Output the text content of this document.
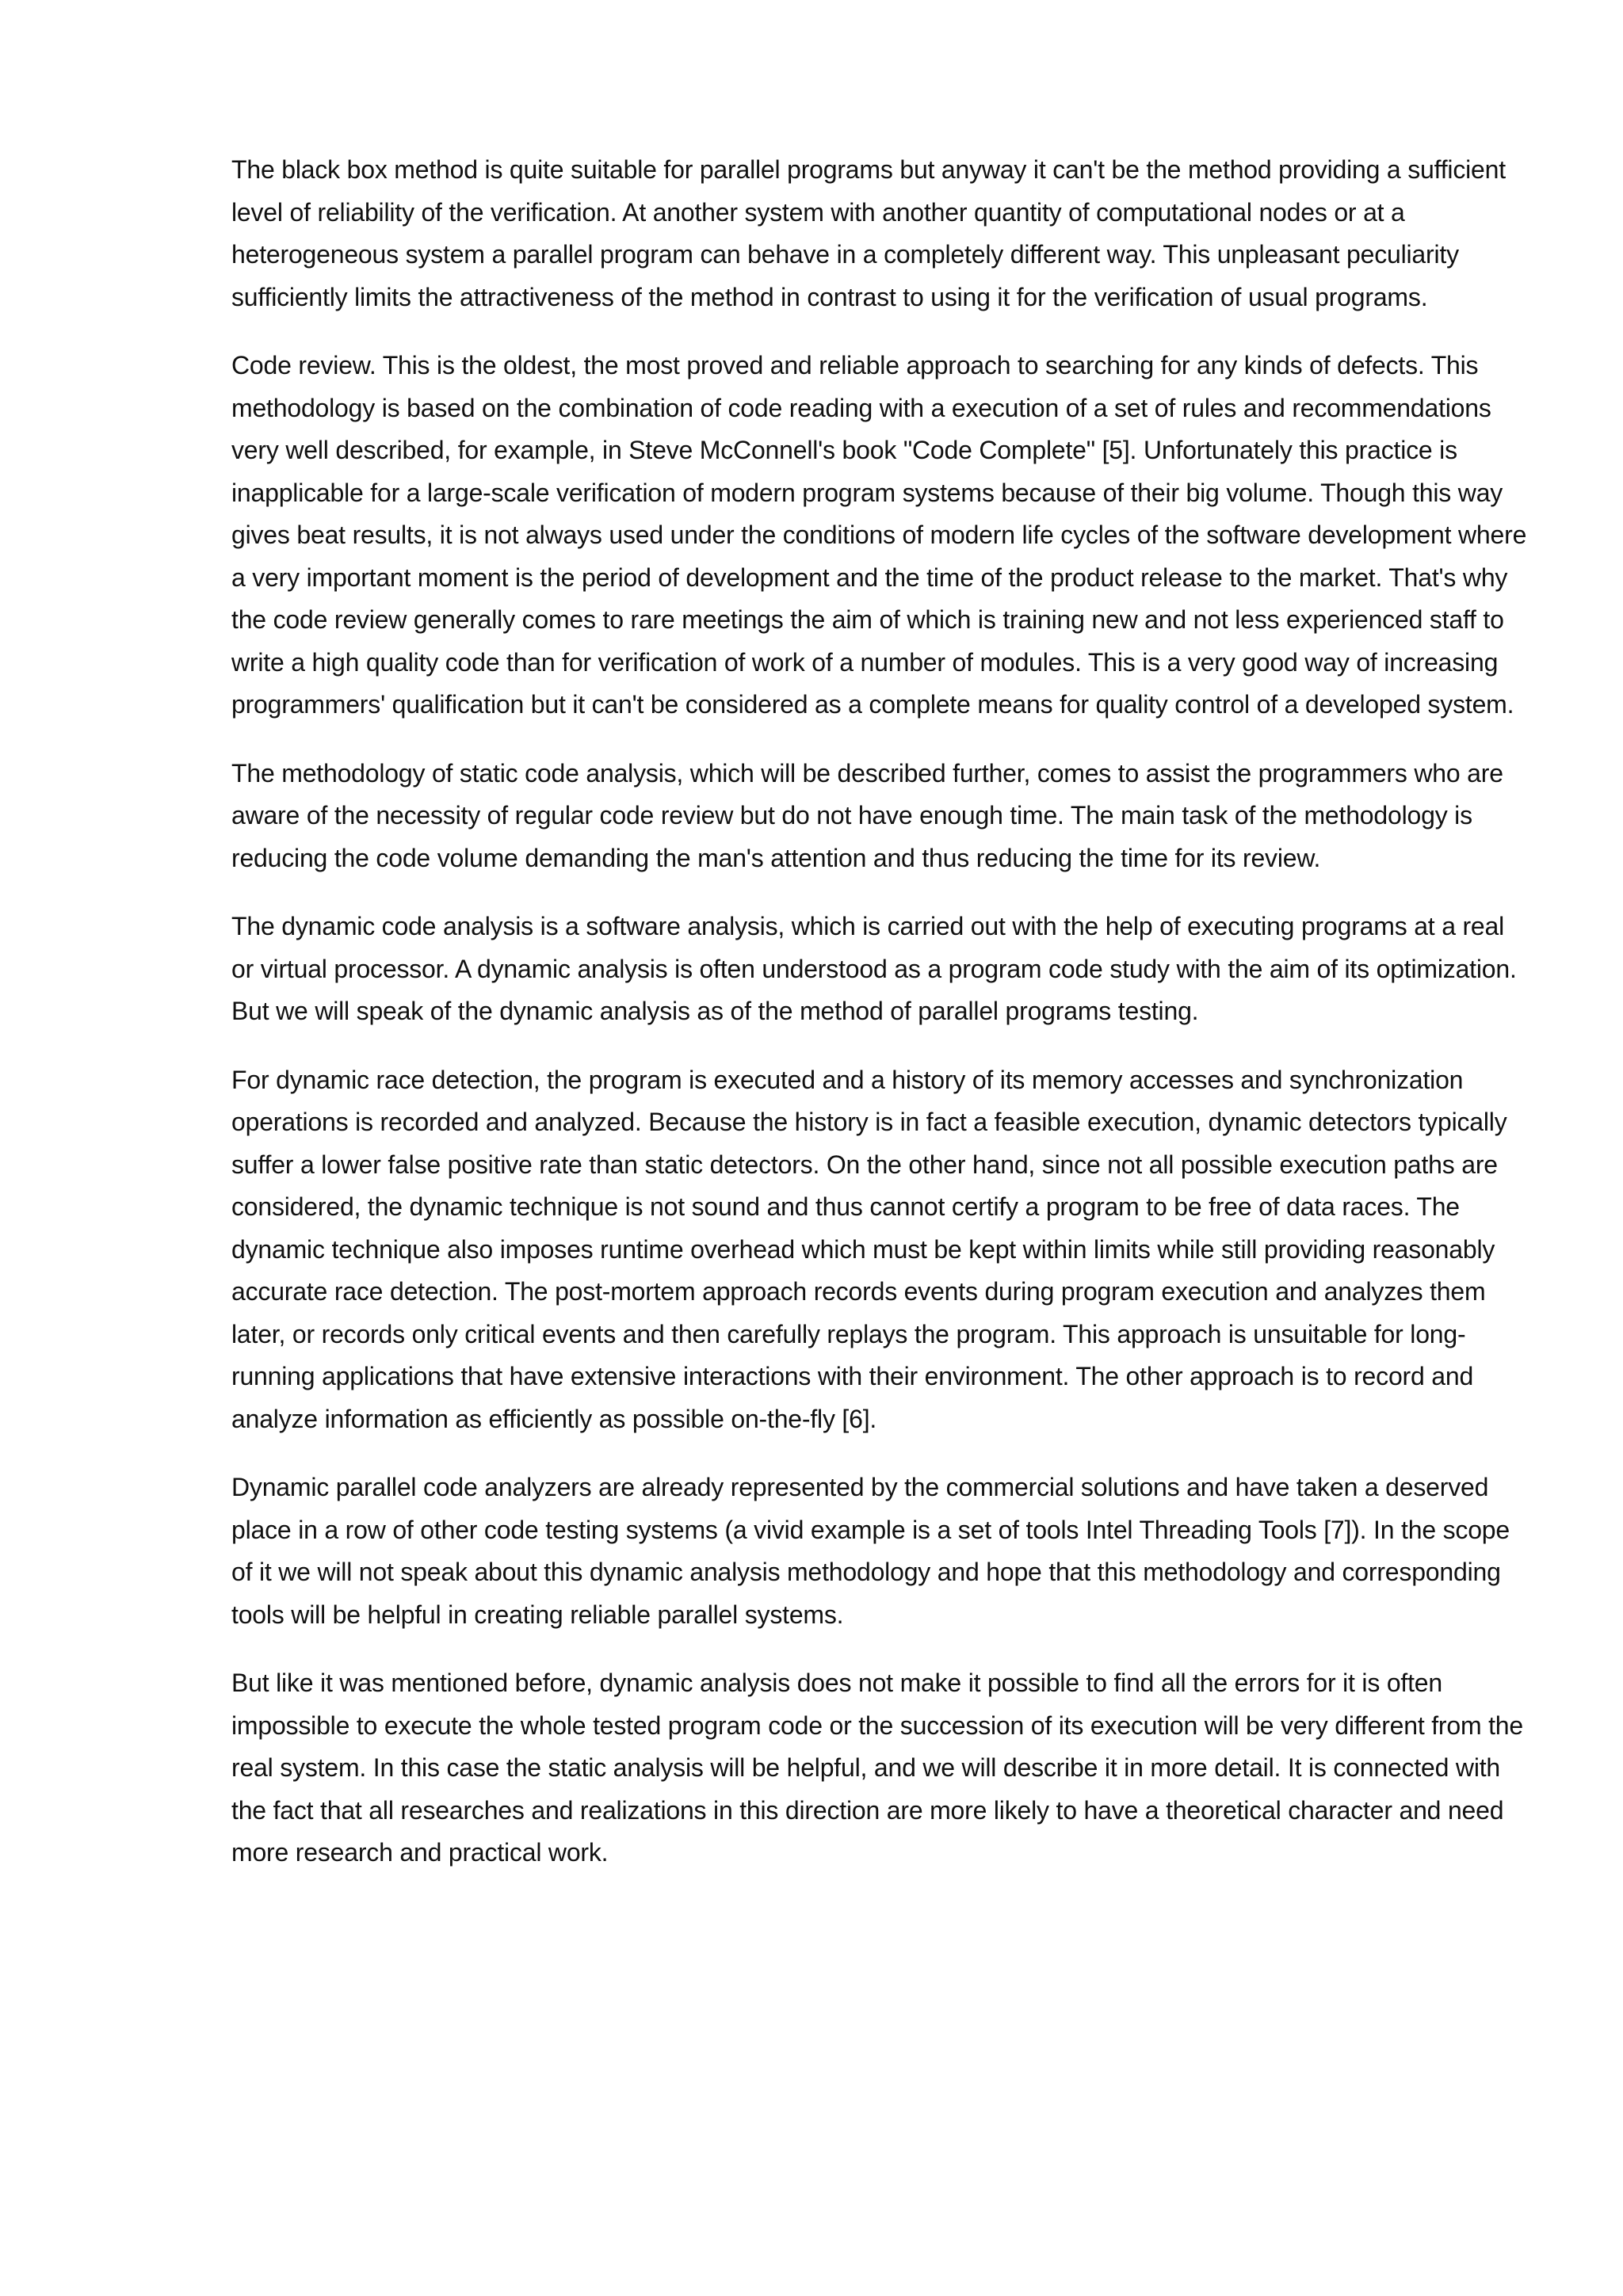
The black box method is quite suitable for parallel programs but anyway it can't be the method providing a sufficient level of reliability of the verification. At another system with another quantity of computational nodes or at a heterogeneous system a parallel program can behave in a completely different way. This unpleasant peculiarity sufficiently limits the attractiveness of the method in contrast to using it for the verification of usual programs.

Code review. This is the oldest, the most proved and reliable approach to searching for any kinds of defects. This methodology is based on the combination of code reading with a execution of a set of rules and recommendations very well described, for example, in Steve McConnell's book "Code Complete" [5]. Unfortunately this practice is inapplicable for a large-scale verification of modern program systems because of their big volume. Though this way gives beat results, it is not always used under the conditions of modern life cycles of the software development where a very important moment is the period of development and the time of the product release to the market. That's why the code review generally comes to rare meetings the aim of which is training new and not less experienced staff to write a high quality code than for verification of work of a number of modules. This is a very good way of increasing programmers' qualification but it can't be considered as a complete means for quality control of a developed system.

The methodology of static code analysis, which will be described further, comes to assist the programmers who are aware of the necessity of regular code review but do not have enough time. The main task of the methodology is reducing the code volume demanding the man's attention and thus reducing the time for its review.

The dynamic code analysis is a software analysis, which is carried out with the help of executing programs at a real or virtual processor. A dynamic analysis is often understood as a program code study with the aim of its optimization. But we will speak of the dynamic analysis as of the method of parallel programs testing.

For dynamic race detection, the program is executed and a history of its memory accesses and synchronization operations is recorded and analyzed. Because the history is in fact a feasible execution, dynamic detectors typically suffer a lower false positive rate than static detectors. On the other hand, since not all possible execution paths are considered, the dynamic technique is not sound and thus cannot certify a program to be free of data races. The dynamic technique also imposes runtime overhead which must be kept within limits while still providing reasonably accurate race detection. The post-mortem approach records events during program execution and analyzes them later, or records only critical events and then carefully replays the program. This approach is unsuitable for long-running applications that have extensive interactions with their environment. The other approach is to record and analyze information as efficiently as possible on-the-fly [6].

Dynamic parallel code analyzers are already represented by the commercial solutions and have taken a deserved place in a row of other code testing systems (a vivid example is a set of tools Intel Threading Tools [7]). In the scope of it we will not speak about this dynamic analysis methodology and hope that this methodology and corresponding tools will be helpful in creating reliable parallel systems.

But like it was mentioned before, dynamic analysis does not make it possible to find all the errors for it is often impossible to execute the whole tested program code or the succession of its execution will be very different from the real system. In this case the static analysis will be helpful, and we will describe it in more detail. It is connected with the fact that all researches and realizations in this direction are more likely to have a theoretical character and need more research and practical work.
